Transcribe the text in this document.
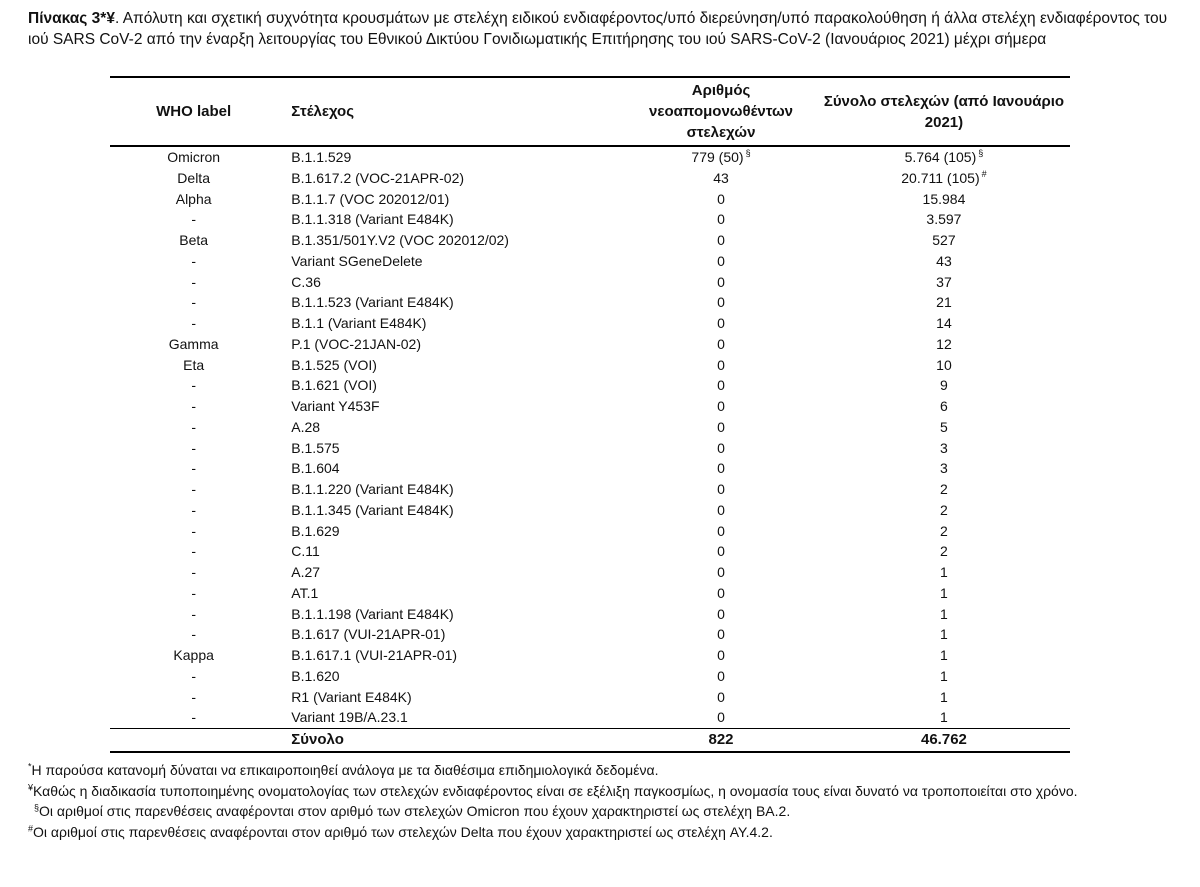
Πίνακας 3*¥. Απόλυτη και σχετική συχνότητα κρουσμάτων με στελέχη ειδικού ενδιαφέροντος/υπό διερεύνηση/υπό παρακολούθηση ή άλλα στελέχη ενδιαφέροντος του ιού SARS CoV-2 από την έναρξη λειτουργίας του Εθνικού Δικτύου Γονιδιωματικής Επιτήρησης του ιού SARS-CoV-2 (Ιανουάριος 2021) μέχρι σήμερα
WHO label	Στέλεχος	Αριθμός νεοαπομονωθέντων στελεχών	Σύνολο στελεχών (από Ιανουάριο 2021)
Omicron	B.1.1.529	779 (50) §	5.764 (105) §
Delta	B.1.617.2 (VOC-21APR-02)	43	20.711 (105) #
Alpha	B.1.1.7 (VOC 202012/01)	0	15.984
-	B.1.1.318 (Variant E484K)	0	3.597
Beta	B.1.351/501Y.V2 (VOC 202012/02)	0	527
-	Variant SGeneDelete	0	43
-	C.36	0	37
-	B.1.1.523 (Variant E484K)	0	21
-	B.1.1 (Variant E484K)	0	14
Gamma	P.1 (VOC-21JAN-02)	0	12
Eta	B.1.525 (VOI)	0	10
-	B.1.621 (VOI)	0	9
-	Variant Y453F	0	6
-	A.28	0	5
-	B.1.575	0	3
-	B.1.604	0	3
-	B.1.1.220 (Variant E484K)	0	2
-	B.1.1.345 (Variant E484K)	0	2
-	B.1.629	0	2
-	C.11	0	2
-	A.27	0	1
-	AT.1	0	1
-	B.1.1.198 (Variant E484K)	0	1
-	B.1.617 (VUI-21APR-01)	0	1
Kappa	B.1.617.1 (VUI-21APR-01)	0	1
-	B.1.620	0	1
-	R1 (Variant E484K)	0	1
-	Variant 19B/A.23.1	0	1
	Σύνολο	822	46.762
*Η παρούσα κατανομή δύναται να επικαιροποιηθεί ανάλογα με τα διαθέσιμα επιδημιολογικά δεδομένα.
¥Καθώς η διαδικασία τυποποιημένης ονοματολογίας των στελεχών ενδιαφέροντος είναι σε εξέλιξη παγκοσμίως, η ονομασία τους είναι δυνατό να τροποποιείται στο χρόνο.
§Οι αριθμοί στις παρενθέσεις αναφέρονται στον αριθμό των στελεχών Omicron που έχουν χαρακτηριστεί ως στελέχη BA.2.
#Οι αριθμοί στις παρενθέσεις αναφέρονται στον αριθμό των στελεχών Delta που έχουν χαρακτηριστεί ως στελέχη AY.4.2.
